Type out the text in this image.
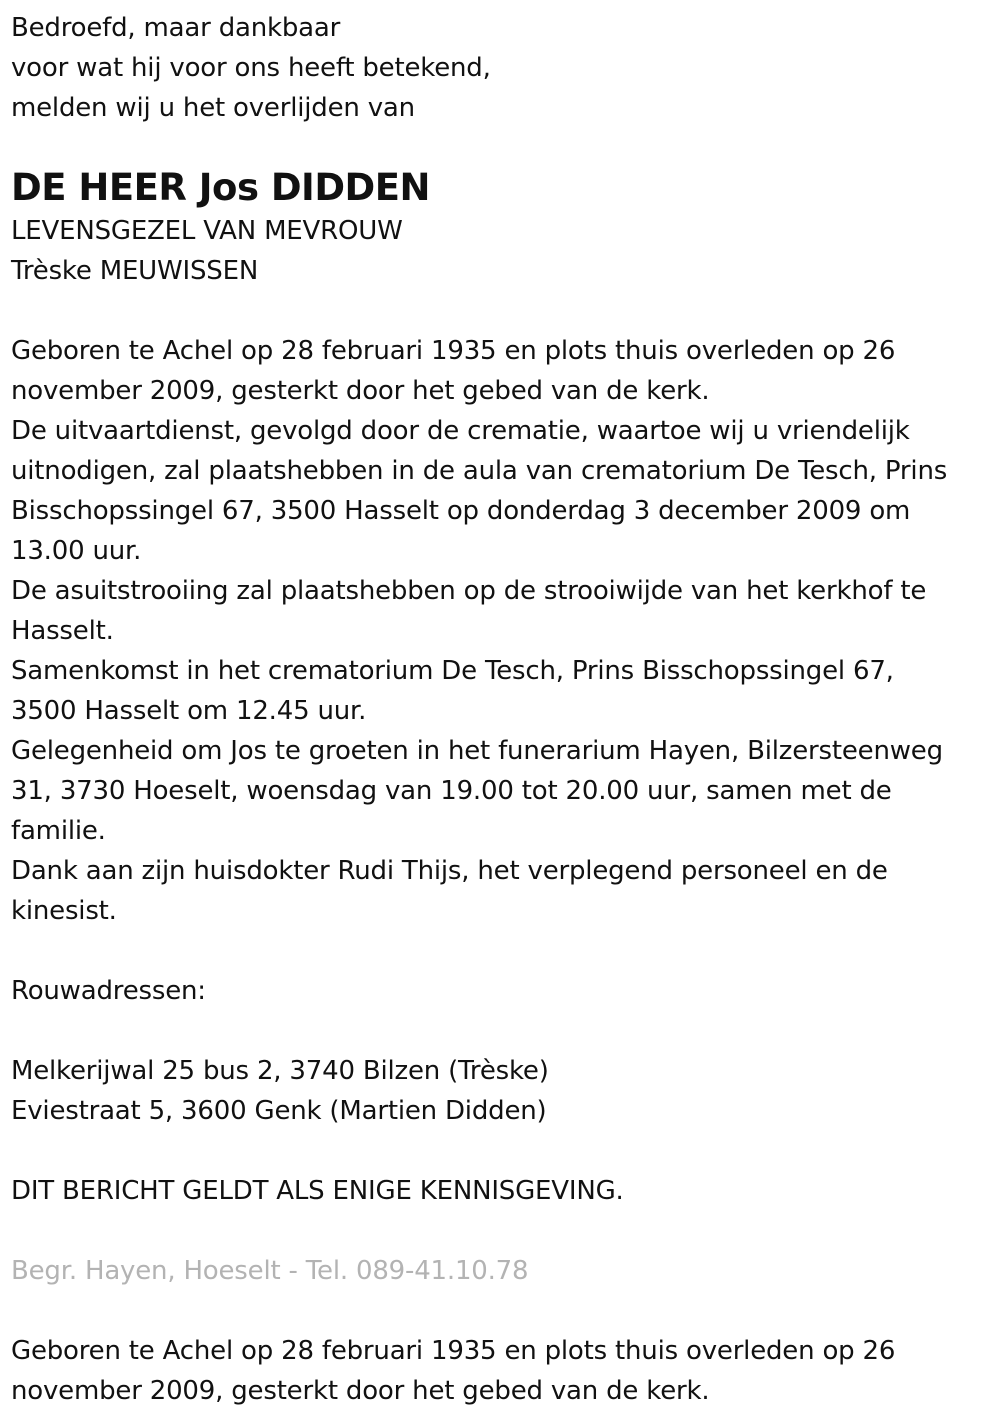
Bedroefd, maar dankbaar
voor wat hij voor ons heeft betekend,
melden wij u het overlijden van
DE HEER Jos DIDDEN
LEVENSGEZEL VAN MEVROUW
Trèske MEUWISSEN
Geboren te Achel op 28 februari 1935 en plots thuis overleden op 26
november 2009, gesterkt door het gebed van de kerk.
De uitvaartdienst, gevolgd door de crematie, waartoe wij u vriendelijk
uitnodigen, zal plaatshebben in de aula van crematorium De Tesch, Prins
Bisschopssingel 67, 3500 Hasselt op donderdag 3 december 2009 om
13.00 uur.
De asuitstrooiing zal plaatshebben op de strooiwijde van het kerkhof te
Hasselt.
Samenkomst in het crematorium De Tesch, Prins Bisschopssingel 67,
3500 Hasselt om 12.45 uur.
Gelegenheid om Jos te groeten in het funerarium Hayen, Bilzersteenweg
31, 3730 Hoeselt, woensdag van 19.00 tot 20.00 uur, samen met de
familie.
Dank aan zijn huisdokter Rudi Thijs, het verplegend personeel en de
kinesist.
Rouwadressen:
Melkerijwal 25 bus 2, 3740 Bilzen (Trèske)
Eviestraat 5, 3600 Genk (Martien Didden)
DIT BERICHT GELDT ALS ENIGE KENNISGEVING.
Begr. Hayen, Hoeselt - Tel. 089-41.10.78
Geboren te Achel op 28 februari 1935 en plots thuis overleden op 26
november 2009, gesterkt door het gebed van de kerk.
